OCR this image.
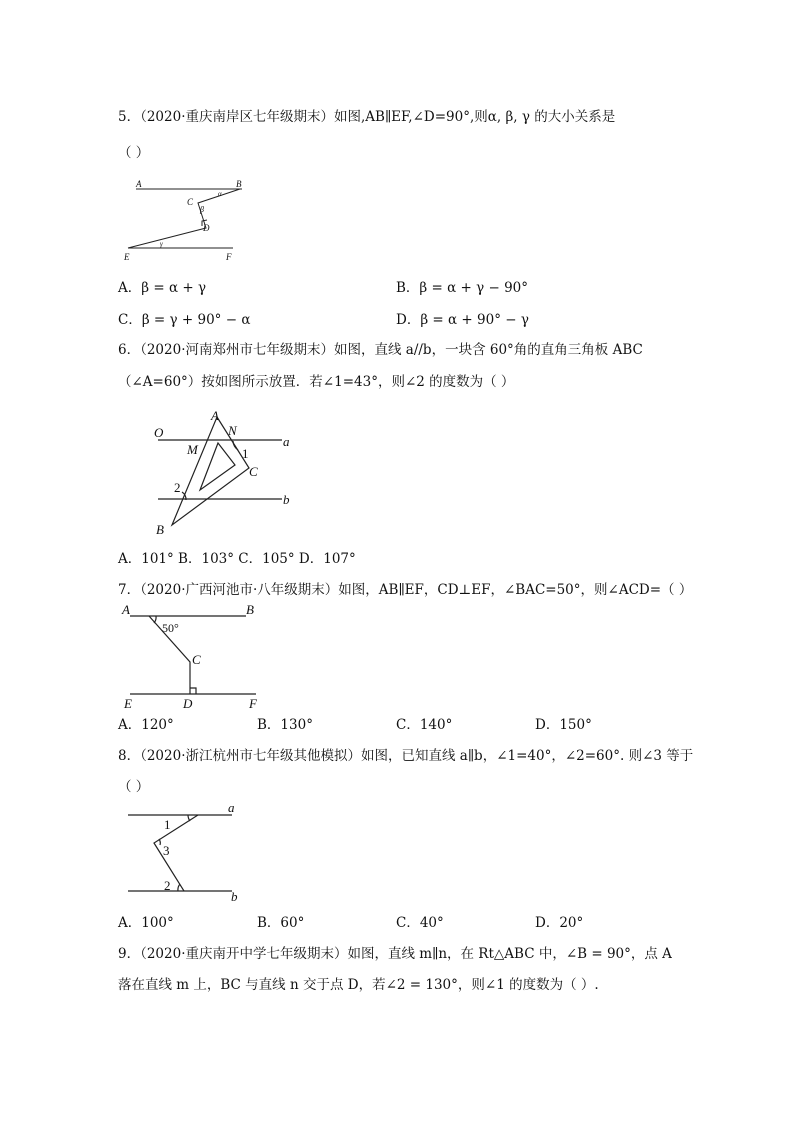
5．（2020·重庆南岸区七年级期末）如图,AB∥EF,∠D=90°,则α, β, γ 的大小关系是
（ ）
A	B
α
C
β
D
γ
E	F
A．β = α + γ	B．β = α + γ − 90°
C．β = γ + 90° − α	D．β = α + 90° − γ
6．（2020·河南郑州市七年级期末）如图，直线 a//b，一块含 60°角的直角三角板 ABC
（∠A=60°）按如图所示放置．若∠1=43°，则∠2 的度数为（ ）
O
A
N
a
M	1
C
2
b
B
A．101° B．103° C．105° D．107°
7．（2020·广西河池市·八年级期末）如图，AB∥EF，CD⊥EF，∠BAC=50°，则∠ACD=（ ）
A	B
50°
C
E	D	F
A．120°	B．130°	C．140°	D．150°
8．（2020·浙江杭州市七年级其他模拟）如图，已知直线 a∥b，∠1=40°，∠2=60°. 则∠3 等于
（ ）
a
1
3
2
b
A．100°	B．60°	C．40°	D．20°
9．（2020·重庆南开中学七年级期末）如图，直线 m∥n，在 Rt△ABC 中，∠B = 90°，点 A
落在直线 m 上，BC 与直线 n 交于点 D，若∠2 = 130°，则∠1 的度数为（ ）.
